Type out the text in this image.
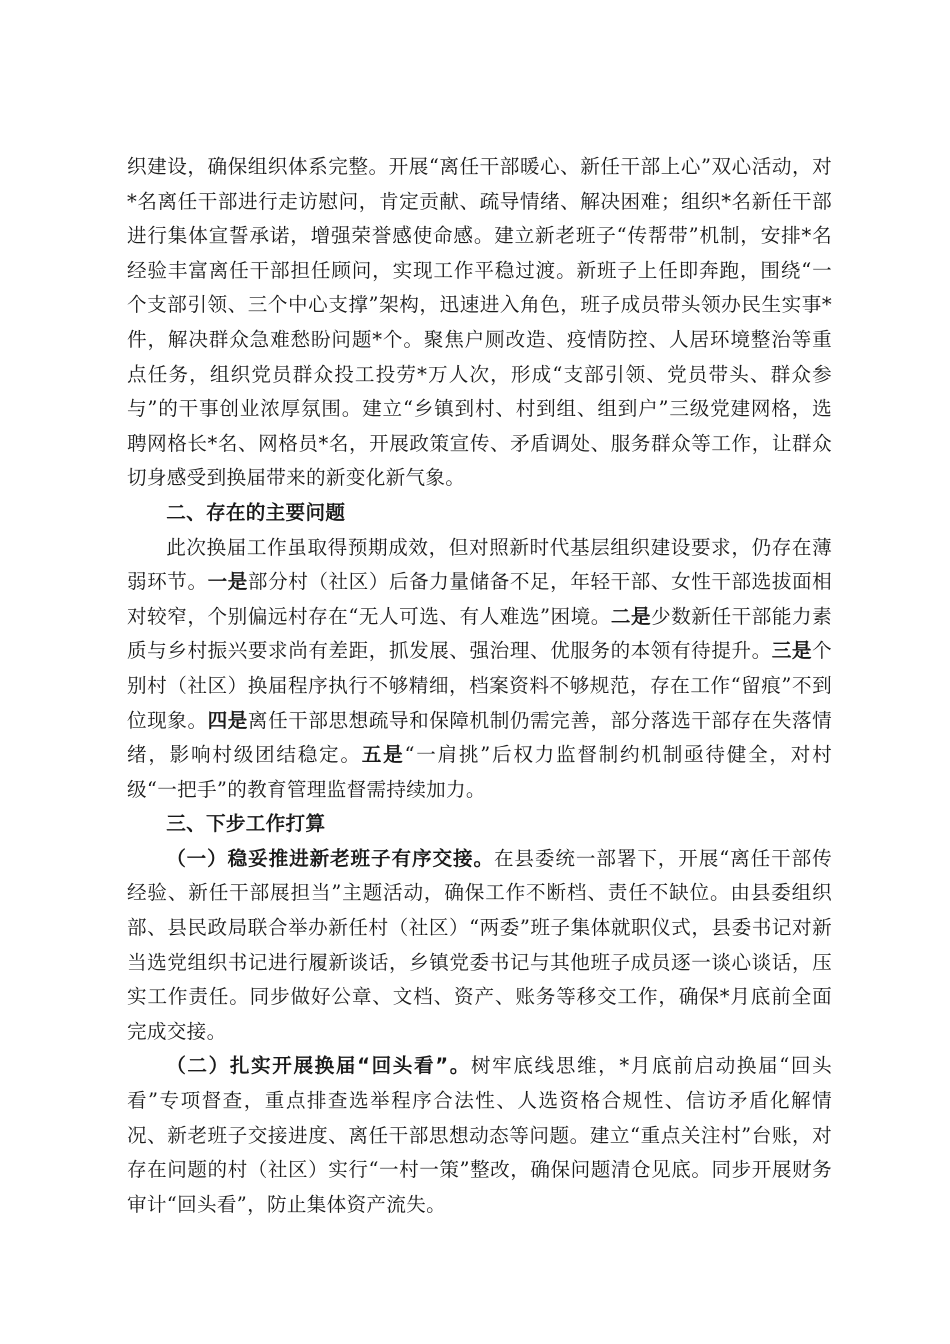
织建设，确保组织体系完整。开展“离任干部暖心、新任干部上心”双心活动，对*名离任干部进行走访慰问，肯定贡献、疏导情绪、解决困难；组织*名新任干部进行集体宣誓承诺，增强荣誉感使命感。建立新老班子“传帮带”机制，安排*名经验丰富离任干部担任顾问，实现工作平稳过渡。新班子上任即奔跑，围绕“一个支部引领、三个中心支撑”架构，迅速进入角色，班子成员带头领办民生实事*件，解决群众急难愁盼问题*个。聚焦户厕改造、疫情防控、人居环境整治等重点任务，组织党员群众投工投劳*万人次，形成“支部引领、党员带头、群众参与”的干事创业浓厚氛围。建立“乡镇到村、村到组、组到户”三级党建网格，选聘网格长*名、网格员*名，开展政策宣传、矛盾调处、服务群众等工作，让群众切身感受到换届带来的新变化新气象。

二、存在的主要问题

此次换届工作虽取得预期成效，但对照新时代基层组织建设要求，仍存在薄弱环节。一是部分村（社区）后备力量储备不足，年轻干部、女性干部选拔面相对较窄，个别偏远村存在“无人可选、有人难选”困境。二是少数新任干部能力素质与乡村振兴要求尚有差距，抓发展、强治理、优服务的本领有待提升。三是个别村（社区）换届程序执行不够精细，档案资料不够规范，存在工作“留痕”不到位现象。四是离任干部思想疏导和保障机制仍需完善，部分落选干部存在失落情绪，影响村级团结稳定。五是“一肩挑”后权力监督制约机制亟待健全，对村级“一把手”的教育管理监督需持续加力。

三、下步工作打算

（一）稳妥推进新老班子有序交接。在县委统一部署下，开展“离任干部传经验、新任干部展担当”主题活动，确保工作不断档、责任不缺位。由县委组织部、县民政局联合举办新任村（社区）“两委”班子集体就职仪式，县委书记对新当选党组织书记进行履新谈话，乡镇党委书记与其他班子成员逐一谈心谈话，压实工作责任。同步做好公章、文档、资产、账务等移交工作，确保*月底前全面完成交接。

（二）扎实开展换届“回头看”。树牢底线思维，*月底前启动换届“回头看”专项督查，重点排查选举程序合法性、人选资格合规性、信访矛盾化解情况、新老班子交接进度、离任干部思想动态等问题。建立“重点关注村”台账，对存在问题的村（社区）实行“一村一策”整改，确保问题清仓见底。同步开展财务审计“回头看”，防止集体资产流失。
